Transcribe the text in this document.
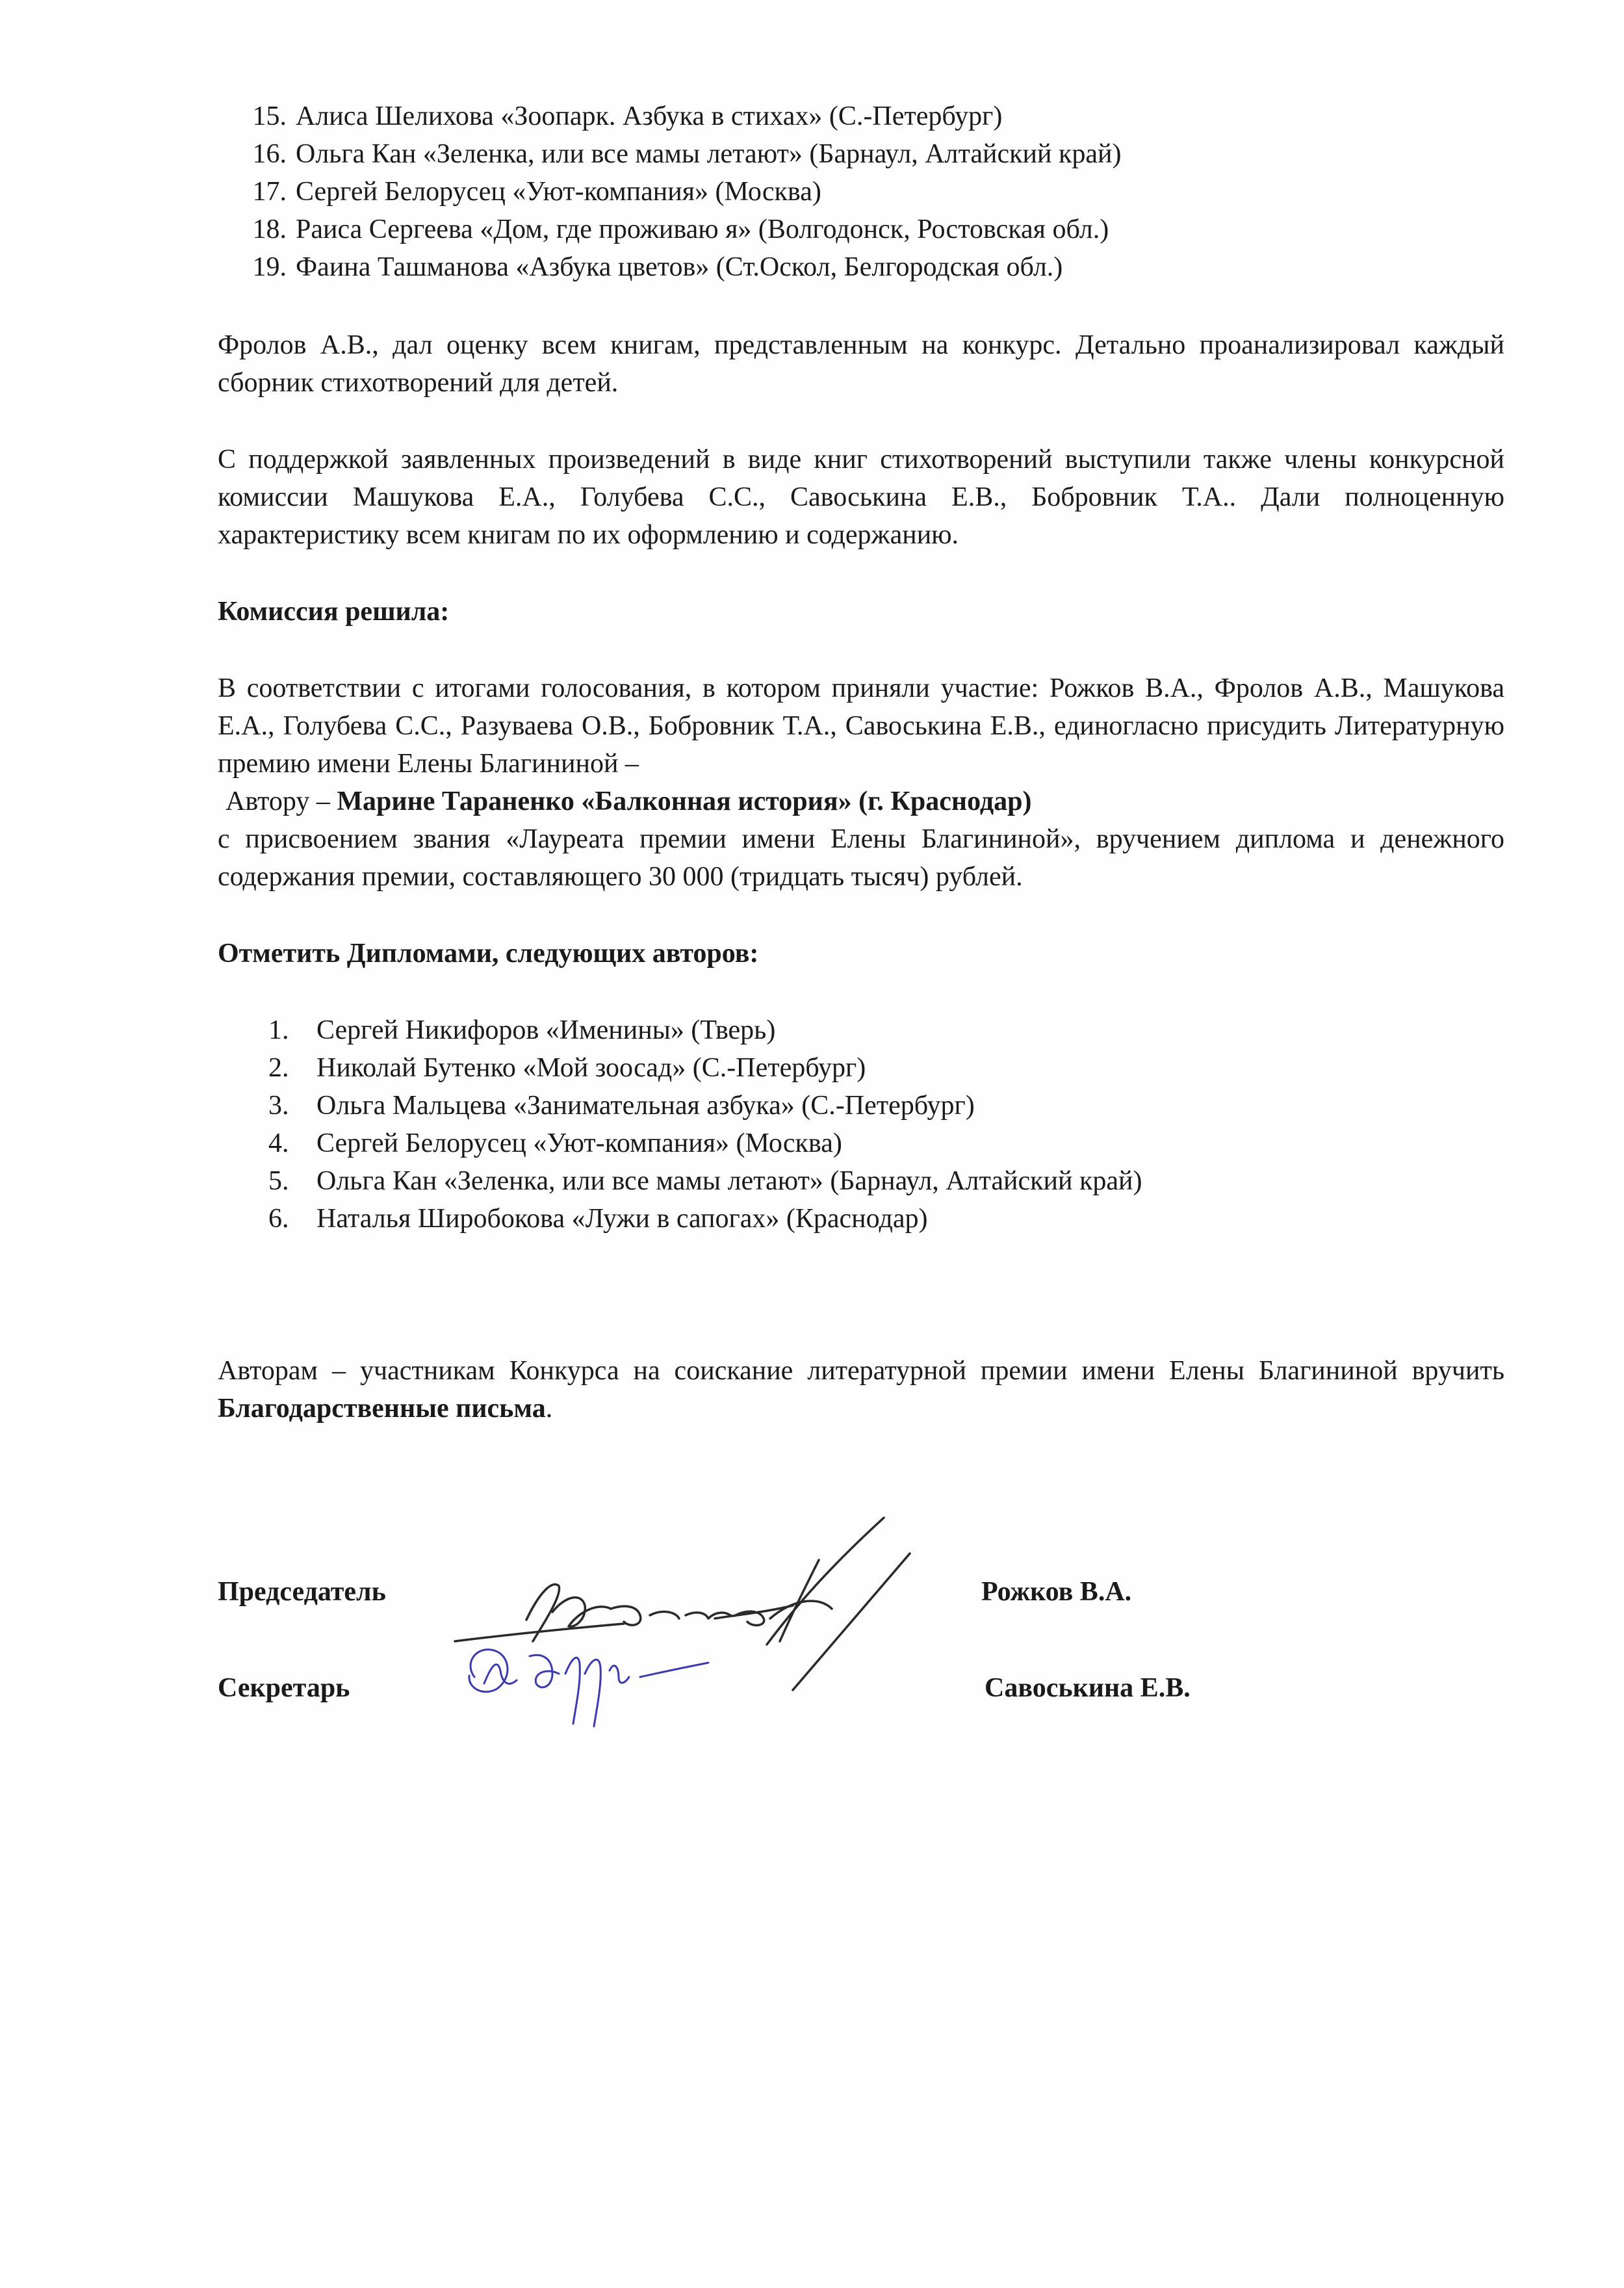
15. Алиса Шелихова «Зоопарк. Азбука в стихах» (С.-Петербург)
16. Ольга Кан «Зеленка, или все мамы летают» (Барнаул, Алтайский край)
17. Сергей Белорусец «Уют-компания» (Москва)
18. Раиса Сергеева «Дом, где проживаю я» (Волгодонск, Ростовская обл.)
19. Фаина Ташманова «Азбука цветов» (Ст.Оскол, Белгородская обл.)

Фролов А.В., дал оценку всем книгам, представленным на конкурс. Детально проанализировал каждый сборник стихотворений для детей.

С поддержкой заявленных произведений в виде книг стихотворений выступили также члены конкурсной комиссии Машукова Е.А., Голубева С.С., Савоськина Е.В., Бобровник Т.А.. Дали полноценную характеристику всем книгам по их оформлению и содержанию.

Комиссия решила:

В соответствии с итогами голосования, в котором приняли участие: Рожков В.А., Фролов А.В., Машукова Е.А., Голубева С.С., Разуваева О.В., Бобровник Т.А., Савоськина Е.В., единогласно присудить Литературную премию имени Елены Благининой –

Автору – Марине Тараненко «Балконная история» (г. Краснодар)

с присвоением звания «Лауреата премии имени Елены Благининой», вручением диплома и денежного содержания премии, составляющего 30 000 (тридцать тысяч) рублей.

Отметить Дипломами, следующих авторов:

1.	Сергей Никифоров «Именины» (Тверь)
2.	Николай Бутенко «Мой зоосад» (С.-Петербург)
3.	Ольга Мальцева «Занимательная азбука» (С.-Петербург)
4.	Сергей Белорусец «Уют-компания» (Москва)
5.	Ольга Кан «Зеленка, или все мамы летают» (Барнаул, Алтайский край)
6.	Наталья Широбокова «Лужи в сапогах» (Краснодар)

Авторам – участникам Конкурса на соискание литературной премии имени Елены Благининой вручить Благодарственные письма.

Председатель	Рожков В.А.
Секретарь	Савоськина Е.В.
